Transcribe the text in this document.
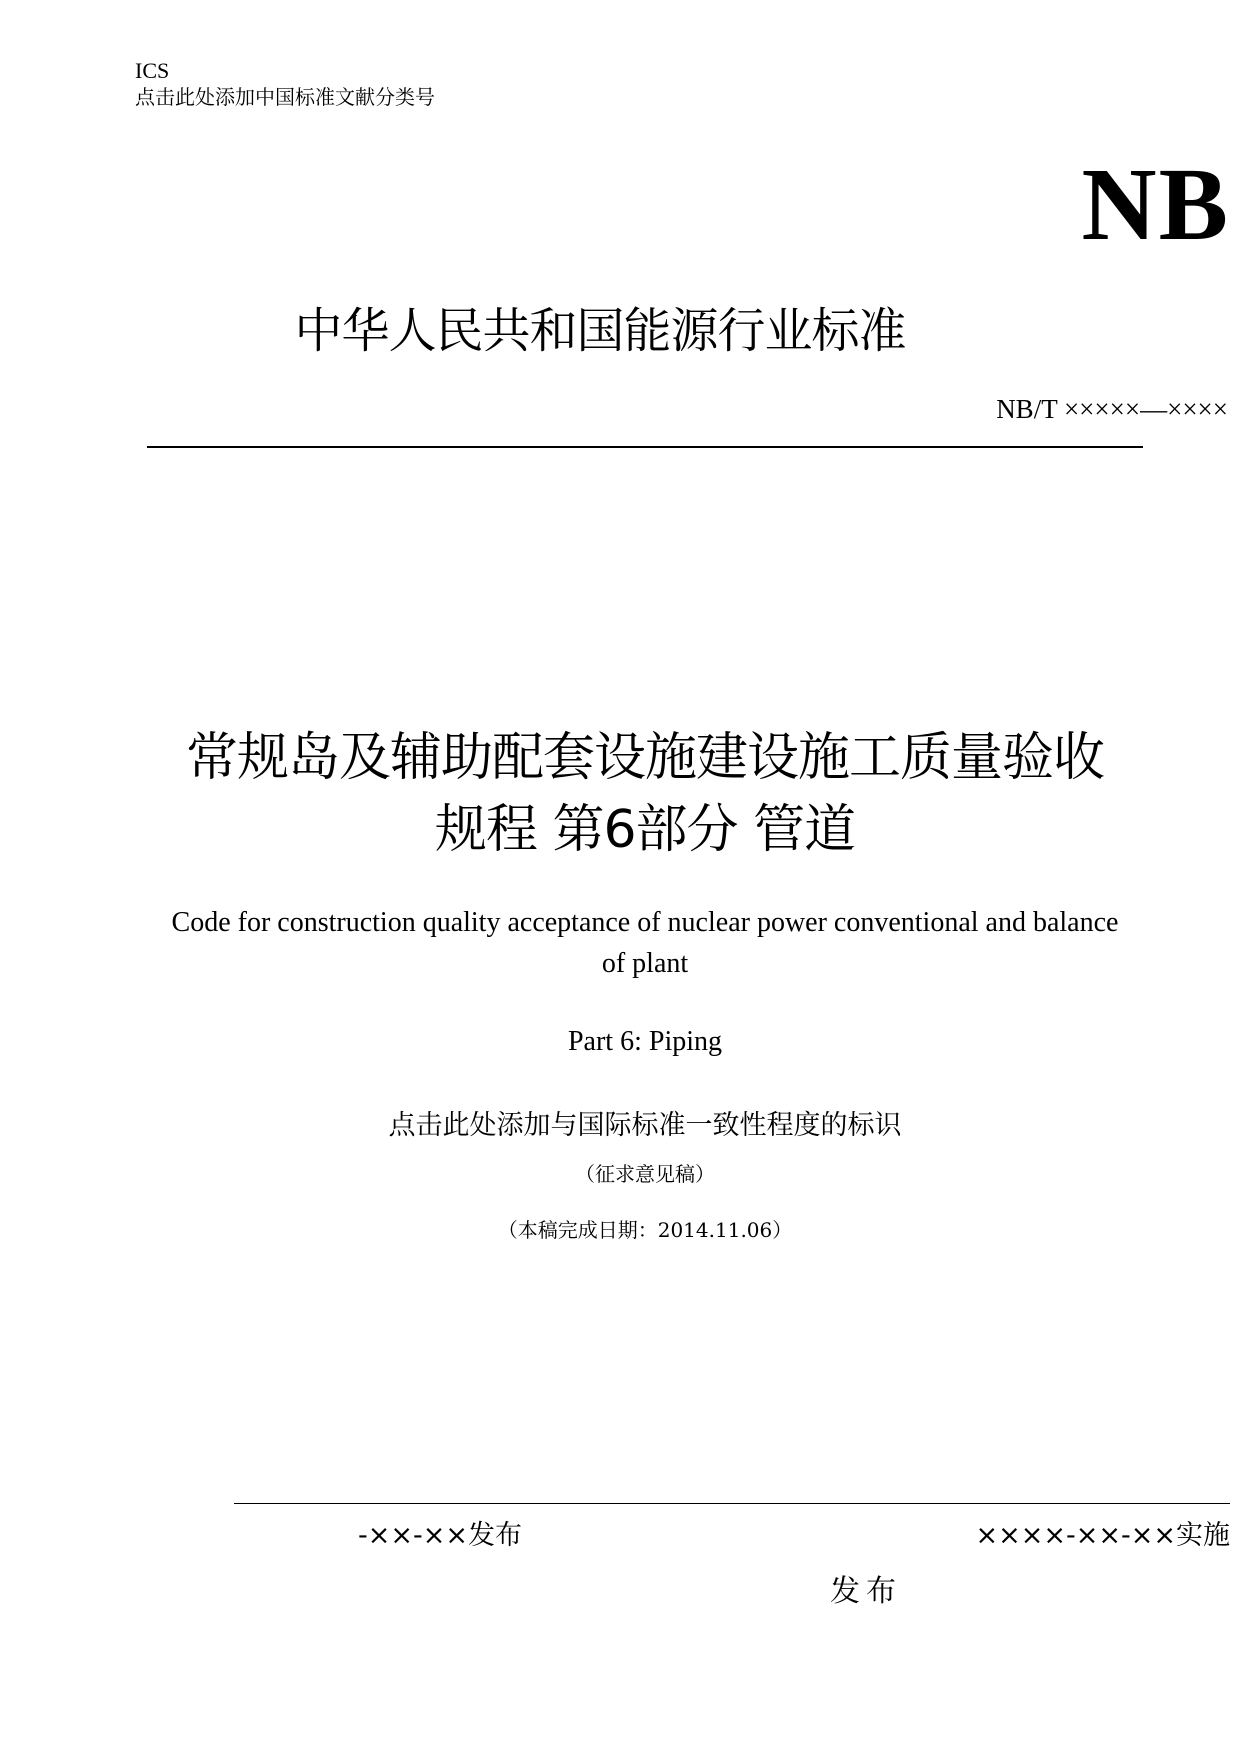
ICS
点击此处添加中国标准文献分类号
NB
中华人民共和国能源行业标准
NB/T ×××××—××××
常规岛及辅助配套设施建设施工质量验收
规程 第6部分 管道
Code for construction quality acceptance of nuclear power conventional and balance
of plant
Part 6: Piping
点击此处添加与国际标准一致性程度的标识
（征求意见稿）
（本稿完成日期：2014.11.06）
-××-××发布	××××-××-××实施
发布
